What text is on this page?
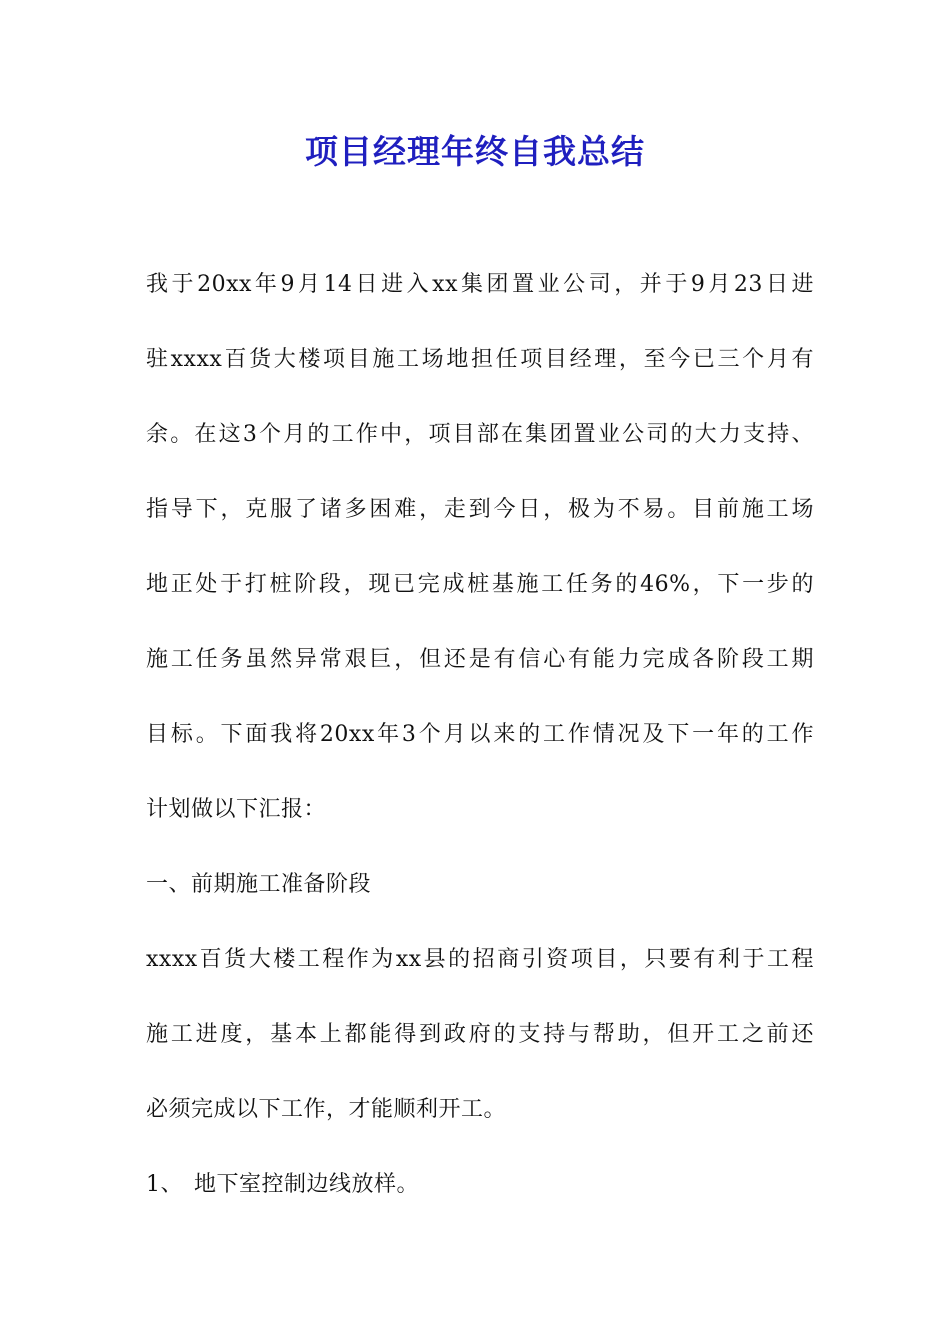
项目经理年终自我总结
我于20xx年9月14日进入xx集团置业公司，并于9月23日进
驻xxxx百货大楼项目施工场地担任项目经理，至今已三个月有
余。在这3个月的工作中，项目部在集团置业公司的大力支持、
指导下，克服了诸多困难，走到今日，极为不易。目前施工场
地正处于打桩阶段，现已完成桩基施工任务的46%，下一步的
施工任务虽然异常艰巨，但还是有信心有能力完成各阶段工期
目标。下面我将20xx年3个月以来的工作情况及下一年的工作
计划做以下汇报：
一、前期施工准备阶段
xxxx百货大楼工程作为xx县的招商引资项目，只要有利于工程
施工进度，基本上都能得到政府的支持与帮助，但开工之前还
必须完成以下工作，才能顺利开工。
1、 地下室控制边线放样。
